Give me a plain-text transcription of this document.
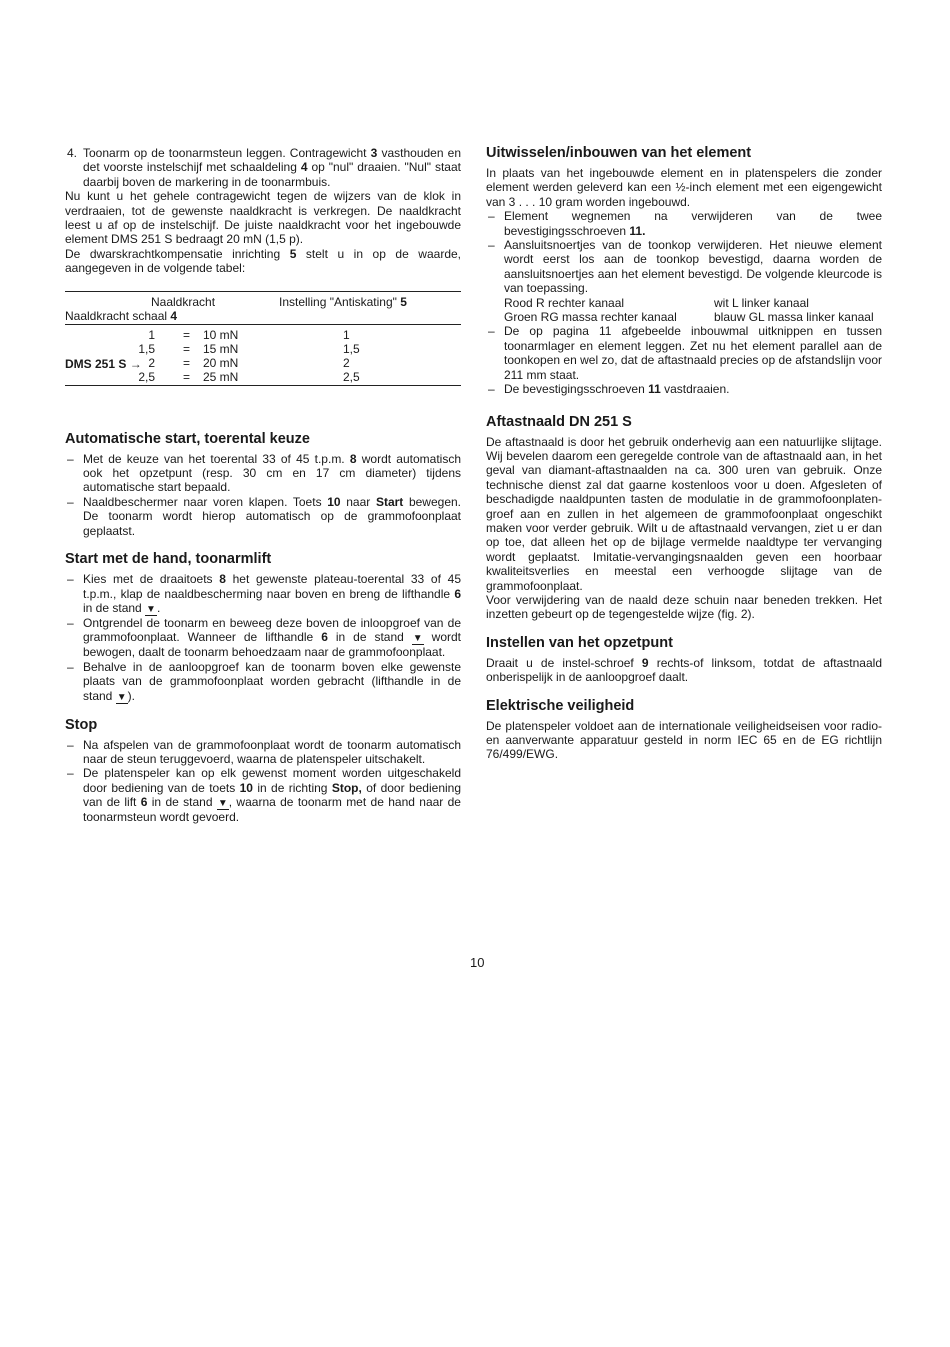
4. Toonarm op de toonarmsteun leggen. Contragewicht 3 vasthouden en det voorste instelschijf met schaaldeling 4 op "nul" draaien. "Nul" staat daarbij boven de markering in de toonarmbuis.

Nu kunt u het gehele contragewicht tegen de wijzers van de klok in verdraaien, tot de gewenste naaldkracht is verkregen. De naaldkracht leest u af op de instelschijf. De juiste naaldkracht voor het ingebouwde element DMS 251 S bedraagt 20 mN (1,5 p).

De dwarskrachtkompensatie inrichting 5 stelt u in op de waarde, aangegeven in de volgende tabel:

Naaldkracht	Instelling "Antiskating" 5
Naaldkracht schaal 4
DMS 251 S →
1 = 10 mN	1
1,5 = 15 mN	1,5
2 = 20 mN	2
2,5 = 25 mN	2,5
Automatische start, toerental keuze

– Met de keuze van het toerental 33 of 45 t.p.m. 8 wordt automatisch ook het opzetpunt (resp. 30 cm en 17 cm diameter) tijdens automatische start bepaald.

– Naaldbeschermer naar voren klapen. Toets 10 naar Start bewegen. De toonarm wordt hierop automatisch op de grammofoonplaat geplaatst.

Start met de hand, toonarmlift

– Kies met de draaitoets 8 het gewenste plateau-toerental 33 of 45 t.p.m., klap de naaldbescherming naar boven en breng de lifthandle 6 in de stand ▼.

– Ontgrendel de toonarm en beweeg deze boven de inloopgroef van de grammofoonplaat. Wanneer de lifthandle 6 in de stand ▼ wordt bewogen, daalt de toonarm behoedzaam naar de grammofoonplaat.

– Behalve in de aanloopgroef kan de toonarm boven elke gewenste plaats van de grammofoonplaat worden gebracht (lifthandle in de stand ▼).

Stop

– Na afspelen van de grammofoonplaat wordt de toonarm automatisch naar de steun teruggevoerd, waarna de platenspeler uitschakelt.

– De platenspeler kan op elk gewenst moment worden uitgeschakeld door bediening van de toets 10 in de richting Stop, of door bediening van de lift 6 in de stand ▼, waarna de toonarm met de hand naar de toonarmsteun wordt gevoerd.

Uitwisselen/inbouwen van het element

In plaats van het ingebouwde element en in platenspelers die zonder element werden geleverd kan een ½-inch element met een eigengewicht van 3 . . . 10 gram worden ingebouwd.

– Element wegnemen na verwijderen van de twee bevestigingsschroeven 11.

– Aansluitsnoertjes van de toonkop verwijderen. Het nieuwe element wordt eerst los aan de toonkop bevestigd, daarna worden de aansluitsnoertjes aan het element bevestigd. De volgende kleurcode is van toepassing.

Rood R rechter kanaal	wit L linker kanaal
Groen RG massa rechter kanaal	blauw GL massa linker kanaal

– De op pagina 11 afgebeelde inbouwmal uitknippen en tussen toonarmlager en element leggen. Zet nu het element parallel aan de toonkopen en wel zo, dat de aftastnaald precies op de afstandslijn voor 211 mm staat.

– De bevestigingsschroeven 11 vastdraaien.

Aftastnaald DN 251 S

De aftastnaald is door het gebruik onderhevig aan een natuurlijke slijtage. Wij bevelen daarom een geregelde controle van de aftastnaald aan, in het geval van diamant-aftastnaalden na ca. 300 uren van gebruik. Onze technische dienst zal dat gaarne kostenloos voor u doen. Afgesleten of beschadigde naaldpunten tasten de modulatie in de grammofoonplaten-groef aan en zullen in het algemeen de grammofoonplaat ongeschikt maken voor verder gebruik. Wilt u de aftastnaald vervangen, ziet u er dan op toe, dat alleen het op de bijlage vermelde naaldtype ter vervanging wordt geplaatst. Imitatie-vervangingsnaalden geven een hoorbaar kwaliteitsverlies en meestal een verhoogde slijtage van de grammofoonplaat.

Voor verwijdering van de naald deze schuin naar beneden trekken. Het inzetten gebeurt op de tegengestelde wijze (fig. 2).

Instellen van het opzetpunt

Draait u de instel-schroef 9 rechts-of linksom, totdat de aftastnaald onberispelijk in de aanloopgroef daalt.

Elektrische veiligheid

De platenspeler voldoet aan de internationale veiligheidseisen voor radio- en aanverwante apparatuur gesteld in norm IEC 65 en de EG richtlijn 76/499/EWG.

10
